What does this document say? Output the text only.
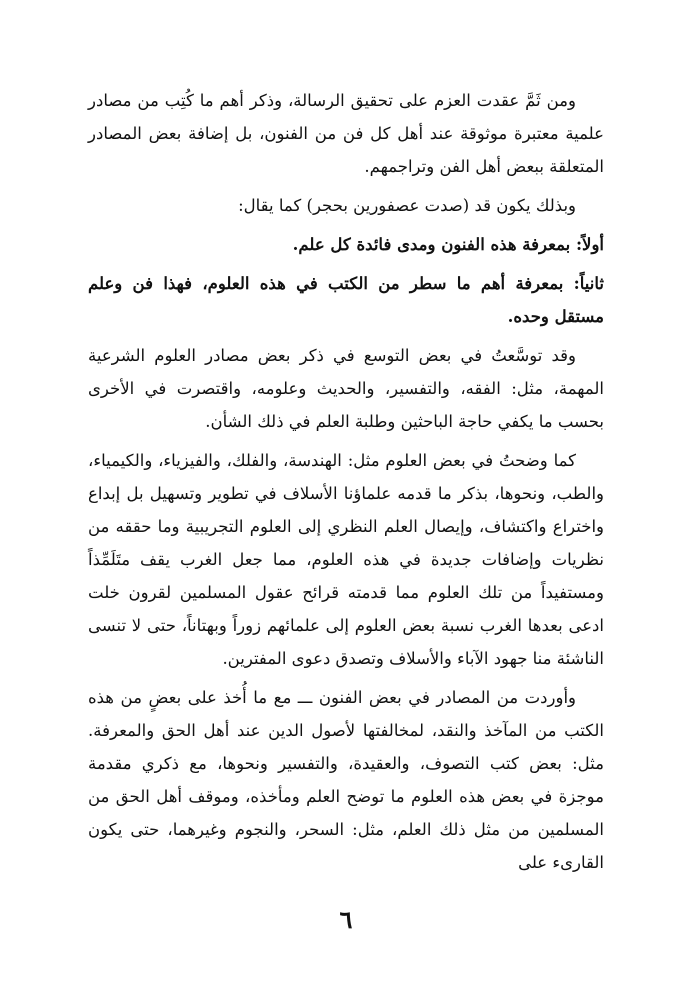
ومن ثَمَّ عقدت العزم على تحقيق الرسالة، وذكر أهم ما كُتِب من مصادر علمية معتبرة موثوقة عند أهل كل فن من الفنون، بل إضافة بعض المصادر المتعلقة ببعض أهل الفن وتراجمهم.

وبذلك يكون قد (صدت عصفورين بحجر) كما يقال:

أولاً: بمعرفة هذه الفنون ومدى فائدة كل علم.

ثانياً: بمعرفة أهم ما سطر من الكتب في هذه العلوم، فهذا فن وعلم مستقل وحده.

وقد توسَّعتُ في بعض التوسع في ذكر بعض مصادر العلوم الشرعية المهمة، مثل: الفقه، والتفسير، والحديث وعلومه، واقتصرت في الأخرى بحسب ما يكفي حاجة الباحثين وطلبة العلم في ذلك الشأن.

كما وضحتُ في بعض العلوم مثل: الهندسة، والفلك، والفيزياء، والكيمياء، والطب، ونحوها، بذكر ما قدمه علماؤنا الأسلاف في تطوير وتسهيل بل إبداع واختراع واكتشاف، وإيصال العلم النظري إلى العلوم التجريبية وما حققه من نظريات وإضافات جديدة في هذه العلوم، مما جعل الغرب يقف متَلَمِّذاً ومستفيداً من تلك العلوم مما قدمته قرائح عقول المسلمين لقرون خلت ادعى بعدها الغرب نسبة بعض العلوم إلى علمائهم زوراً وبهتاناً، حتى لا تنسى الناشئة منا جهود الآباء والأسلاف وتصدق دعوى المفترين.

وأوردت من المصادر في بعض الفنون ـــ مع ما أُخذ على بعضٍ من هذه الكتب من المآخذ والنقد، لمخالفتها لأصول الدين عند أهل الحق والمعرفة. مثل: بعض كتب التصوف، والعقيدة، والتفسير ونحوها، مع ذكري مقدمة موجزة في بعض هذه العلوم ما توضح العلم ومأخذه، وموقف أهل الحق من المسلمين من مثل ذلك العلم، مثل: السحر، والنجوم وغيرهما، حتى يكون القارىء على

٦
